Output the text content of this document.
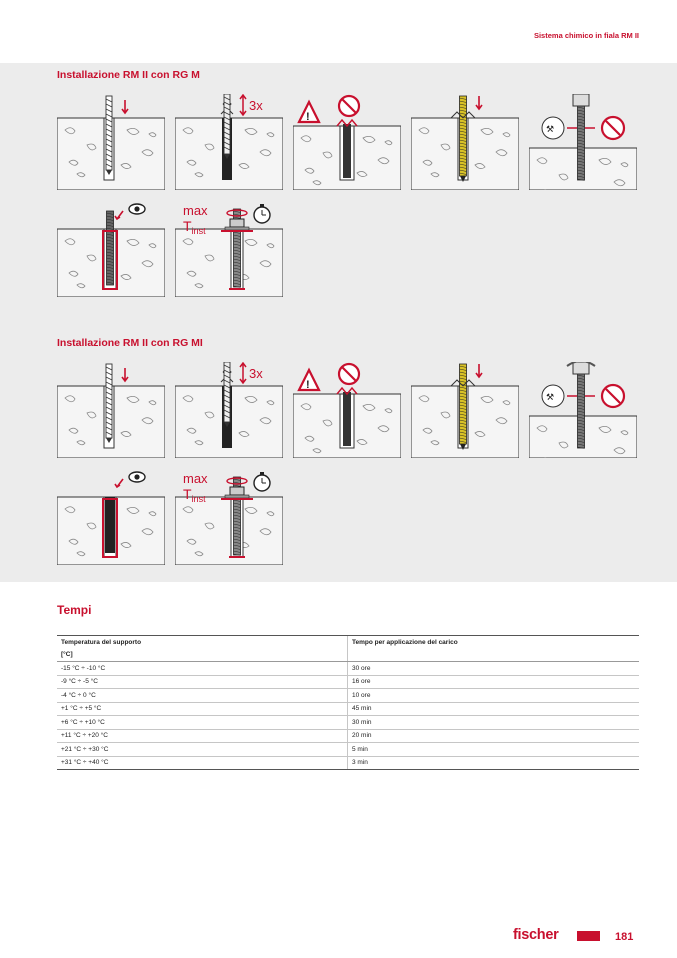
Sistema chimico in fiala RM II
Installazione RM II con RG M
Installazione RM II con RG MI
3x
3x
!
!
⚒
⚒
max
$T_{inst}$
max
$T_{inst}$
Tempi
Temperatura del supporto
[°C]	Tempo per applicazione del carico
-15 °C ÷ -10 °C	30 ore
-9 °C ÷ -5 °C	16 ore
-4 °C ÷ 0 °C	10 ore
+1 °C ÷ +5 °C	45 min
+6 °C ÷ +10 °C	30 min
+11 °C ÷ +20 °C	20 min
+21 °C ÷ +30 °C	5 min
+31 °C ÷ +40 °C	3 min
fischer	181
